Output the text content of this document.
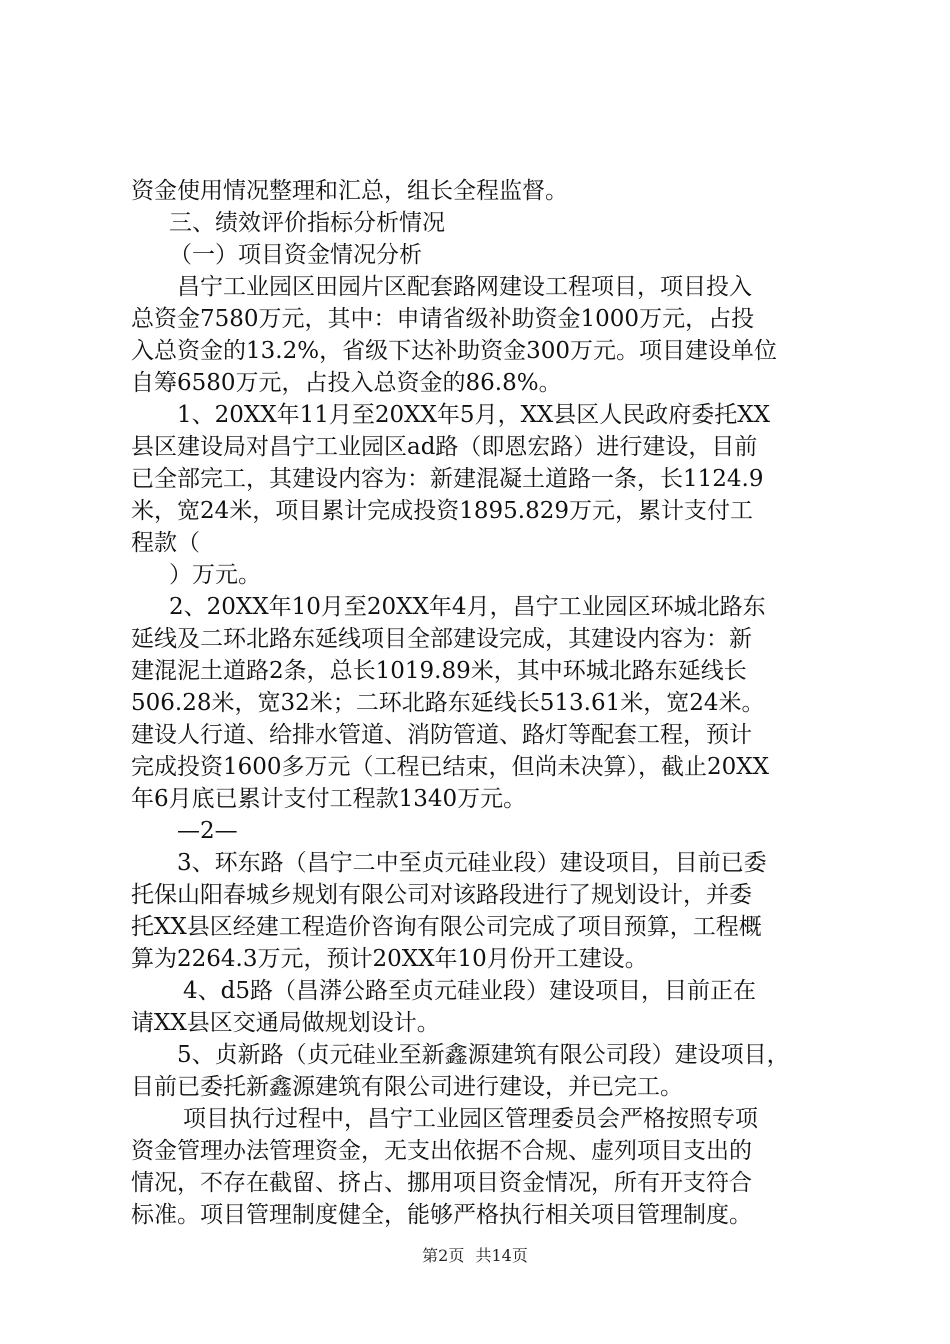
资金使用情况整理和汇总，组长全程监督。
三、绩效评价指标分析情况
（一）项目资金情况分析
昌宁工业园区田园片区配套路网建设工程项目，项目投入
总资金7580万元，其中：申请省级补助资金1000万元，占投
入总资金的13.2%，省级下达补助资金300万元。项目建设单位
自筹6580万元，占投入总资金的86.8%。
1、20XX年11月至20XX年5月，XX县区人民政府委托XX
县区建设局对昌宁工业园区ad路（即恩宏路）进行建设，目前
已全部完工，其建设内容为：新建混凝土道路一条，长1124.9
米，宽24米，项目累计完成投资1895.829万元，累计支付工
程款（
）万元。
2、20XX年10月至20XX年4月，昌宁工业园区环城北路东
延线及二环北路东延线项目全部建设完成，其建设内容为：新
建混泥土道路2条，总长1019.89米，其中环城北路东延线长
506.28米，宽32米；二环北路东延线长513.61米，宽24米。
建设人行道、给排水管道、消防管道、路灯等配套工程，预计
完成投资1600多万元（工程已结束，但尚未决算），截止20XX
年6月底已累计支付工程款1340万元。
—2—
3、环东路（昌宁二中至贞元硅业段）建设项目，目前已委
托保山阳春城乡规划有限公司对该路段进行了规划设计，并委
托XX县区经建工程造价咨询有限公司完成了项目预算，工程概
算为2264.3万元，预计20XX年10月份开工建设。
4、d5路（昌漭公路至贞元硅业段）建设项目，目前正在
请XX县区交通局做规划设计。
5、贞新路（贞元硅业至新鑫源建筑有限公司段）建设项目，
目前已委托新鑫源建筑有限公司进行建设，并已完工。
项目执行过程中，昌宁工业园区管理委员会严格按照专项
资金管理办法管理资金，无支出依据不合规、虚列项目支出的
情况，不存在截留、挤占、挪用项目资金情况，所有开支符合
标准。项目管理制度健全，能够严格执行相关项目管理制度。
第2页 共14页
